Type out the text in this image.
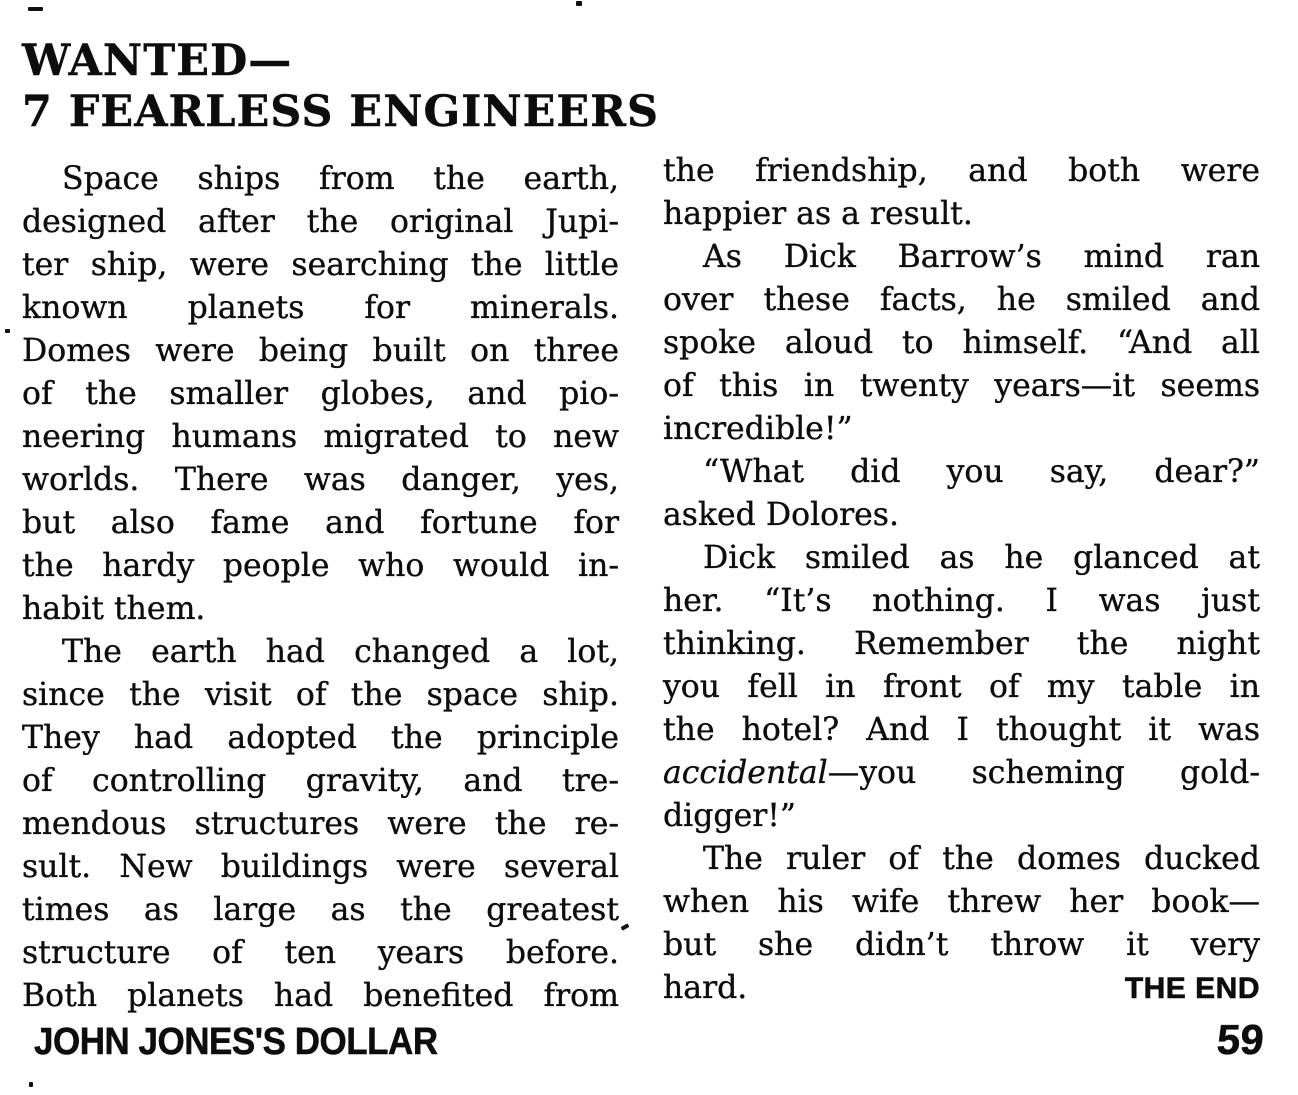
WANTED—
7 FEARLESS ENGINEERS
Space ships from the earth,
designed after the original Jupi-
ter ship, were searching the little
known planets for minerals.
Domes were being built on three
of the smaller globes, and pio-
neering humans migrated to new
worlds. There was danger, yes,
but also fame and fortune for
the hardy people who would in-
habit them.
The earth had changed a lot,
since the visit of the space ship.
They had adopted the principle
of controlling gravity, and tre-
mendous structures were the re-
sult. New buildings were several
times as large as the greatest
structure of ten years before.
Both planets had benefited from
the friendship, and both were
happier as a result.
As Dick Barrow’s mind ran
over these facts, he smiled and
spoke aloud to himself. “And all
of this in twenty years—it seems
incredible!”
“What did you say, dear?”
asked Dolores.
Dick smiled as he glanced at
her. “It’s nothing. I was just
thinking. Remember the night
you fell in front of my table in
the hotel? And I thought it was
accidental—you scheming gold-
digger!”
The ruler of the domes ducked
when his wife threw her book—
but she didn’t throw it very
hard.	THE END
JOHN JONES'S DOLLAR	59
